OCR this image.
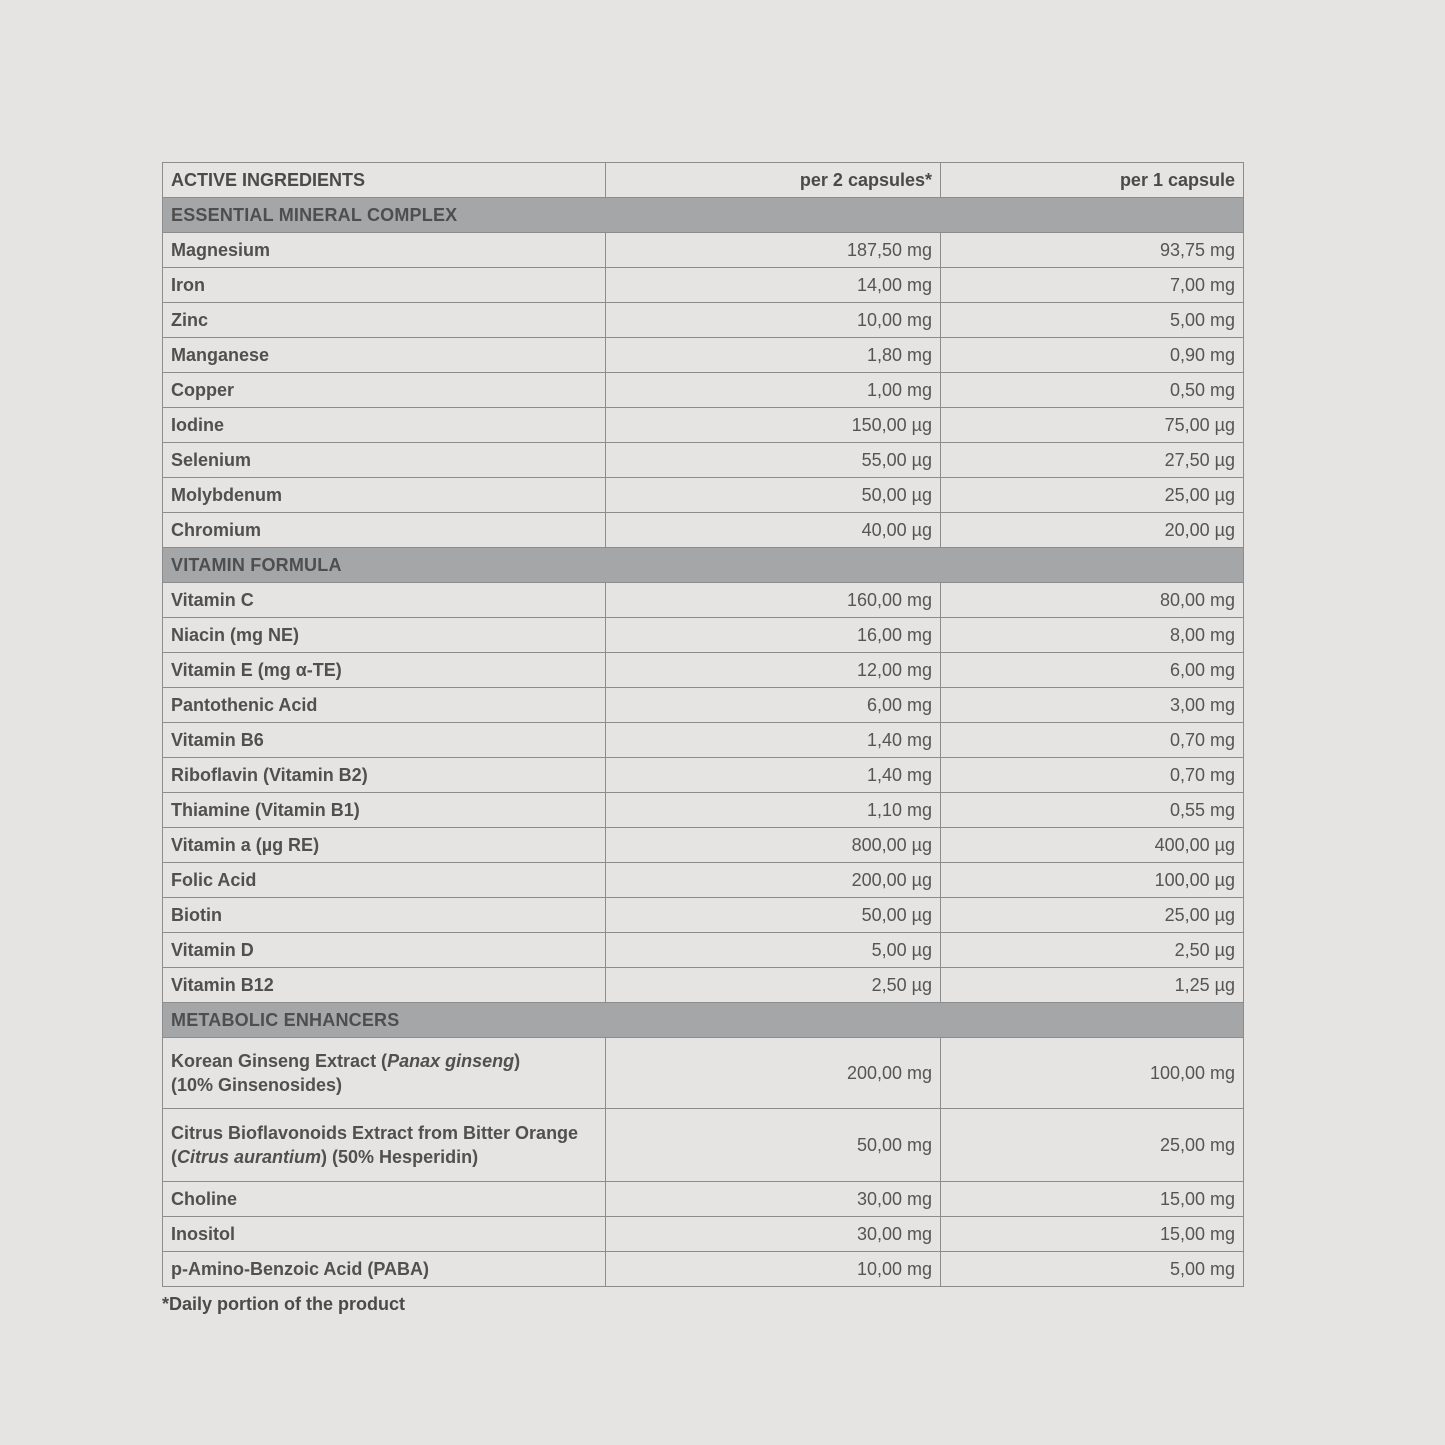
ACTIVE INGREDIENTS	per 2 capsules*	per 1 capsule
ESSENTIAL MINERAL COMPLEX		
Magnesium	187,50 mg	93,75 mg
Iron	14,00 mg	7,00 mg
Zinc	10,00 mg	5,00 mg
Manganese	1,80 mg	0,90 mg
Copper	1,00 mg	0,50 mg
Iodine	150,00 µg	75,00 µg
Selenium	55,00 µg	27,50 µg
Molybdenum	50,00 µg	25,00 µg
Chromium	40,00 µg	20,00 µg
VITAMIN FORMULA		
Vitamin C	160,00 mg	80,00 mg
Niacin (mg NE)	16,00 mg	8,00 mg
Vitamin E (mg α-TE)	12,00 mg	6,00 mg
Pantothenic Acid	6,00 mg	3,00 mg
Vitamin B6	1,40 mg	0,70 mg
Riboflavin (Vitamin B2)	1,40 mg	0,70 mg
Thiamine (Vitamin B1)	1,10 mg	0,55 mg
Vitamin a (µg RE)	800,00 µg	400,00 µg
Folic Acid	200,00 µg	100,00 µg
Biotin	50,00 µg	25,00 µg
Vitamin D	5,00 µg	2,50 µg
Vitamin B12	2,50 µg	1,25 µg
METABOLIC ENHANCERS		
Korean Ginseng Extract (Panax ginseng)
(10% Ginsenosides)	200,00 mg	100,00 mg
Citrus Bioflavonoids Extract from Bitter Orange
(Citrus aurantium) (50% Hesperidin)	50,00 mg	25,00 mg
Choline	30,00 mg	15,00 mg
Inositol	30,00 mg	15,00 mg
p-Amino-Benzoic Acid (PABA)	10,00 mg	5,00 mg
*Daily portion of the product
